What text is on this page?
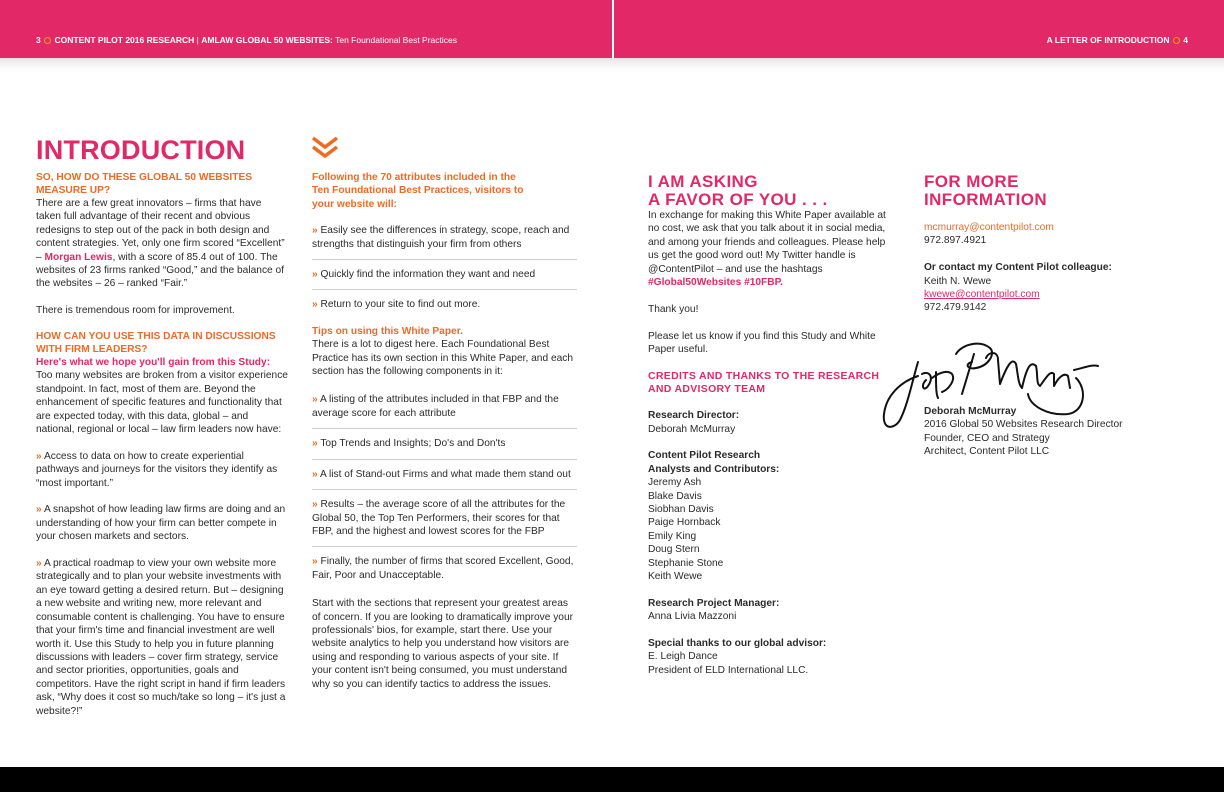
3 CONTENT PILOT 2016 RESEARCH | AMLAW GLOBAL 50 WEBSITES: Ten Foundational Best Practices	A LETTER OF INTRODUCTION 4
INTRODUCTION

SO, HOW DO THESE GLOBAL 50 WEBSITES MEASURE UP?

There are a few great innovators – firms that have taken full advantage of their recent and obvious redesigns to step out of the pack in both design and content strategies. Yet, only one firm scored “Excellent” – Morgan Lewis, with a score of 85.4 out of 100. The websites of 23 firms ranked “Good,” and the balance of the websites – 26 – ranked “Fair.”

There is tremendous room for improvement.

HOW CAN YOU USE THIS DATA IN DISCUSSIONS WITH FIRM LEADERS?

Here's what we hope you'll gain from this Study:

Too many websites are broken from a visitor experience standpoint. In fact, most of them are. Beyond the enhancement of specific features and functionality that are expected today, with this data, global – and national, regional or local – law firm leaders now have:

» Access to data on how to create experiential pathways and journeys for the visitors they identify as “most important.”

» A snapshot of how leading law firms are doing and an understanding of how your firm can better compete in your chosen markets and sectors.

» A practical roadmap to view your own website more strategically and to plan your website investments with an eye toward getting a desired return. But – designing a new website and writing new, more relevant and consumable content is challenging. You have to ensure that your firm's time and financial investment are well worth it. Use this Study to help you in future planning discussions with leaders – cover firm strategy, service and sector priorities, opportunities, goals and competitors. Have the right script in hand if firm leaders ask, “Why does it cost so much/take so long – it's just a website?!”

Following the 70 attributes included in the Ten Foundational Best Practices, visitors to your website will:

» Easily see the differences in strategy, scope, reach and strengths that distinguish your firm from others

» Quickly find the information they want and need

» Return to your site to find out more.

Tips on using this White Paper.

There is a lot to digest here. Each Foundational Best Practice has its own section in this White Paper, and each section has the following components in it:

» A listing of the attributes included in that FBP and the average score for each attribute

» Top Trends and Insights; Do's and Don'ts

» A list of Stand-out Firms and what made them stand out

» Results – the average score of all the attributes for the Global 50, the Top Ten Performers, their scores for that FBP, and the highest and lowest scores for the FBP

» Finally, the number of firms that scored Excellent, Good, Fair, Poor and Unacceptable.

Start with the sections that represent your greatest areas of concern. If you are looking to dramatically improve your professionals' bios, for example, start there. Use your website analytics to help you understand how visitors are using and responding to various aspects of your site. If your content isn't being consumed, you must understand why so you can identify tactics to address the issues.

I AM ASKING

A FAVOR OF YOU . . .

In exchange for making this White Paper available at no cost, we ask that you talk about it in social media, and among your friends and colleagues. Please help us get the good word out! My Twitter handle is @ContentPilot – and use the hashtags #Global50Websites #10FBP.

Thank you!

Please let us know if you find this Study and White Paper useful.

CREDITS AND THANKS TO THE RESEARCH AND ADVISORY TEAM

Research Director:

Deborah McMurray

Content Pilot Research Analysts and Contributors:

Jeremy Ash

Blake Davis

Siobhan Davis

Paige Hornback

Emily King

Doug Stern

Stephanie Stone

Keith Wewe

Research Project Manager:

Anna Livia Mazzoni

Special thanks to our global advisor:

E. Leigh Dance

President of ELD International LLC.

FOR MORE

INFORMATION

mcmurray@contentpilot.com

972.897.4921

Or contact my Content Pilot colleague:

Keith N. Wewe

kwewe@contentpilot.com

972.479.9142

Deborah McMurray

2016 Global 50 Websites Research Director

Founder, CEO and Strategy

Architect, Content Pilot LLC
